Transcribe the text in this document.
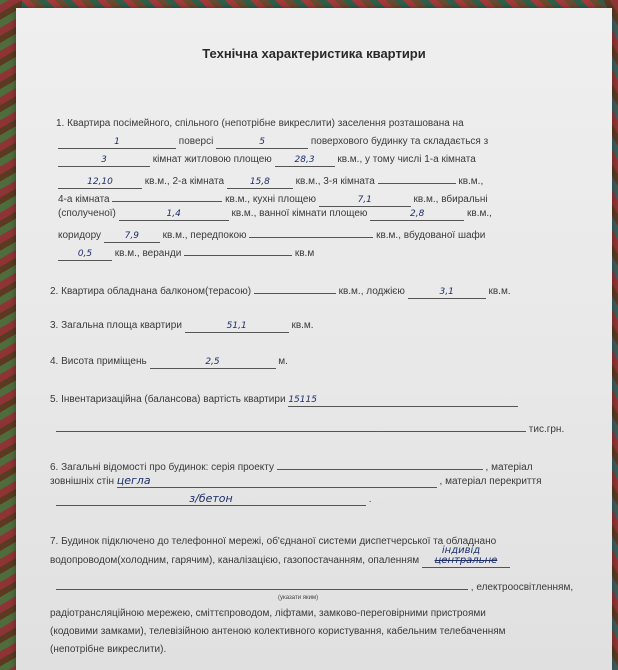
Технічна характеристика квартири
1. Квартира посімейного, спільного (непотрібне викреслити) заселення розташована на
1	поверсі	5	поверхового будинку та складається з
3	кімнат житловою площею	28,3 кв.м., у тому числі 1-а кімната
12,10	кв.м., 2-а кімната	15,8	кв.м., 3-я кімната	кв.м.,
4-а кімната	кв.м., кухні площею	7,1	кв.м., вбиральні
(сполученої)	1,4	кв.м., ванної кімнати площею	2,8	кв.м.,
коридору	7,9 кв.м., передпокою	кв.м., вбудованої шафи
0,5 кв.м., веранди	кв.м
2. Квартира обладнана балконом(терасою)	кв.м., лоджією	3,1	кв.м.
3. Загальна площа квартири	51,1	кв.м.
4. Висота приміщень	2,5	м.
5. Інвентаризаційна (балансова) вартість квартири 15115
тис.грн.
6. Загальні відомості про будинок: серія проекту	, матеріал
зовнішніх стін цегла	, матеріал перекриття
з/бетон	.
7. Будинок підключено до телефонної мережі, об'єднаної системи диспетчерської та обладнано
водопроводом(холодним, гарячим), каналізацією, газопостачанням, опаленням
індивід
центральне
, електроосвітленням,
(указати яким)
радіотрансляційною мережею, сміттєпроводом, ліфтами, замково-переговірними пристроями
(кодовими замками), телевізійною антеною колективного користування, кабельним телебаченням
(непотрібне викреслити).
